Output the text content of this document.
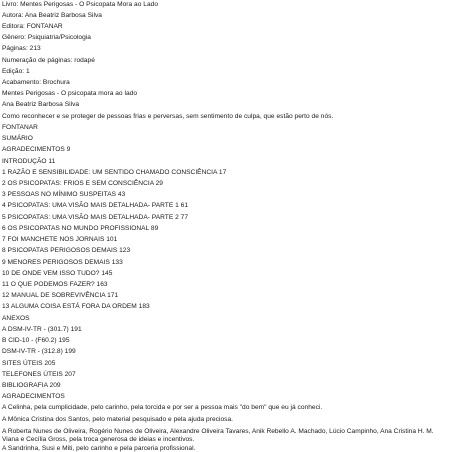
Livro: Mentes Perigosas - O Psicopata Mora ao Lado
Autora: Ana Beatriz Barbosa Silva
Editora: FONTANAR
Gênero: Psiquiatria/Psicologia
Páginas: 213
Numeração de páginas: rodapé
Edição: 1
Acabamento: Brochura
Mentes Perigosas - O psicopata mora ao lado
Ana Beatriz Barbosa Silva
Como reconhecer e se proteger de pessoas frias e perversas, sem sentimento de culpa, que estão perto de nós.
FONTANAR
SUMÁRIO
AGRADECIMENTOS 9
INTRODUÇÃO 11
1 RAZÃO E SENSIBILIDADE: UM SENTIDO CHAMADO CONSCIÊNCIA 17
2 OS PSICOPATAS: FRIOS E SEM CONSCIÊNCIA 29
3 PESSOAS NO MÍNIMO SUSPEITAS 43
4 PSICOPATAS: UMA VISÃO MAIS DETALHADA- PARTE 1 61
5 PSICOPATAS: UMA VISÃO MAIS DETALHADA- PARTE 2 77
6 OS PSICOPATAS NO MUNDO PROFISSIONAL 89
7 FOI MANCHETE NOS JORNAIS 101
8 PSICOPATAS PERIGOSOS DEMAIS 123
9 MENORES PERIGOSOS DEMAIS 133
10 DE ONDE VEM ISSO TUDO? 145
11 O QUE PODEMOS FAZER? 163
12 MANUAL DE SOBREVIVÊNCIA 171
13 ALGUMA COISA ESTÁ FORA DA ORDEM 183
ANEXOS
A DSM-IV-TR - (301.7) 191
B CID-10 - (F60.2) 195
DSM-IV-TR - (312.8) 199
SITES ÚTEIS 205
TELEFONES ÚTEIS 207
BIBLIOGRAFIA 209
AGRADECIMENTOS
A Celinha, pela cumplicidade, pelo carinho, pela torcida e por ser a pessoa mais "do bem" que eu já conheci.
A Mônica Cristina dos Santos, pelo material pesquisado e pela ajuda preciosa.
A Roberta Nunes de Oliveira, Rogério Nunes de Oliveira, Alexandre Oliveira Tavares, Anik Rebello A. Machado, Lúcio Campinho, Ana Cristina H. M. Viana e Cecília Gross, pela troca generosa de ideias e incentivos.
A Sandrinha, Susi e Miti, pelo carinho e pela parceria profissional.
